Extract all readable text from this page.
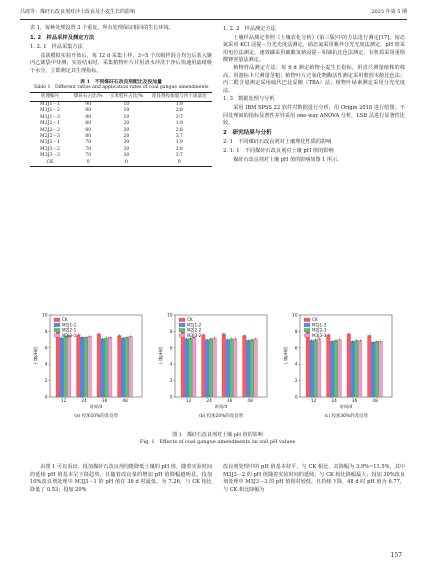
吕波等：煤矸石改良剂对沙土改良及小麦生长的影响	2025 年第 5 期

表 1，每种处理设置 3 个重复，所有处理保证相同的生长环境。

1. 2　样品采样及测定方法
1. 2. 1　样品采集方法

盆栽模拟实验开始后，每 12 d 采集土样，3~5 个次级样混合均匀后装入聚丙乙烯袋中待测；实验结束时，采集植物叶片并用清水冲洗干净后快速用滤纸吸干水分，立即测定其生理指标。

表 1　不同煤矸石改良剂配比及投加量
Table 1　Different ratios and application rates of coal gangue amendments
处理编号	煤矸石占比/%	玉米秸秆占比/%	改良剂投加量与沙土质量比
M1J1－1	90	10	1∶9
M1J1－2	90	10	2∶8
M1J1－3	90	10	3∶7
M2J2－1	80	20	1∶9
M2J2－2	80	20	2∶8
M2J2－3	80	20	3∶7
M3J3－1	70	30	1∶9
M3J3－2	70	30	2∶8
M3J3－3	70	30	3∶7
CK	0	0	0
1. 2. 2　样品测定方法

土壤样品测定参照《土壤农化分析》(第三版)中的方法进行测定[17]。铵态氮采用 KCl 浸提－分光光度法测定，硝态氮采用紫外分光光度法测定，pH 值采用电位法测定，速效磷采用碳酸氢钠浸提－钼锑抗比色法测定，有机质采用重铬酸钾容量法测定。

植物样品测定方法：每 6 d 测定植物小麦生长指标，用直尺测量植株的株高、用游标卡尺测量茎粗；植物叶片过氧化物酶活性测定采用愈创木酚比色法；丙二醛含量测定采用硫代巴比妥酸（TBA）法；植物叶绿素测定采用分光光度法。

1. 3　数据处理与分析

采用 IBM SPSS 22 软件对数据进行分析，用 Origin 2018 进行绘图；不同处理间的指标显著性差异采用 one-way ANOVA 分析，LSD 法进行显著性比较。

2　研究结果与分析
2. 1　不同煤矸石改良剂对土壤理化性质的影响
2. 1. 1　不同煤矸石改良剂对土壤 pH 值的影响

煤矸石改良剂对土壤 pH 值的影响如图 1 所示。

0
2
4
6
8
10
土壤pH值
12	24	36	48
时间/d
(a) 投加10%的改良剂
CK
M1J1-1
M2J2-1
M3J3-1
0
2
4
6
8
10
土壤pH值
12	24	36	48
时间/d
(b) 投加20%的改良剂
CK
M1J1-2
M2J2-2
M3J3-2
0
2
4
6
8
10
土壤pH值
12	24	36	48
时间/d
(c) 投加30%的改良剂
CK
M1J1-3
M2J2-3
M3J3-3
图 1　煤矸石改良剂对土壤 pH 值的影响
Fig. 1　Effects of coal gangue amendments on soil pH values

由图 1 可以看出，投加煤矸石改良剂均能降低土壤的 pH 值，随着实验时间的延续 pH 值基本呈下降趋势，且随着改良量的增加 pH 值降幅越明显。投加 10%改良剂处理中 M3J3－1 的 pH 值在 36 d 时最低，为 7.26，与 CK 相比降低了 0.53；投加 20%

改良剂处理中的 pH 值基本持平，与 CK 相比，其降幅为 3.9%~11.5%，其中 M3J3－2 的 pH 值随着实验时间的延续；与 CK 相比降幅最大；投加 30%改良剂处理中 M3J3－3 的 pH 值相对较低，且持续下降，48 d 时 pH 值为 6.77，与 CK 相比降幅为

157
